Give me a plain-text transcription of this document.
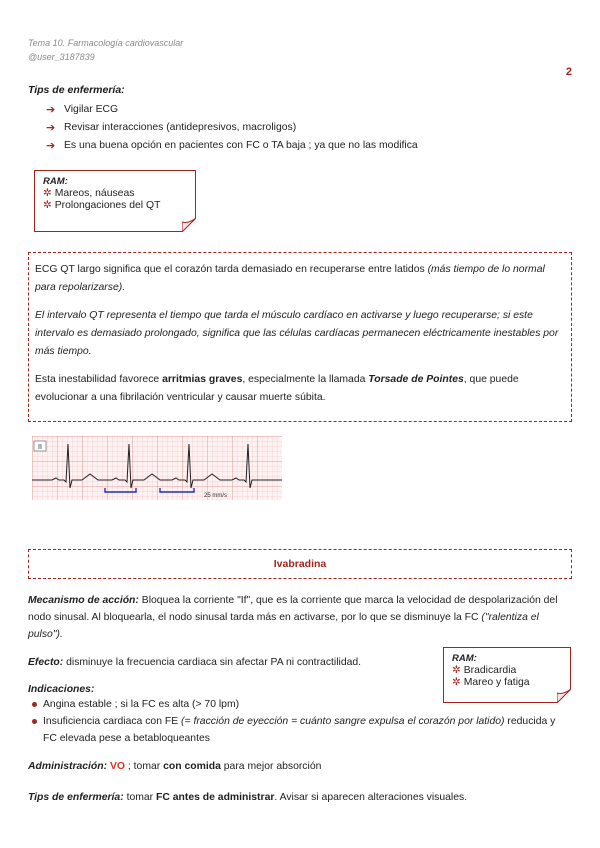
Tema 10. Farmacología cardiovascular
@user_3187839
2
Tips de enfermería:
➔ Vigilar ECG
➔ Revisar interacciones (antidepresivos, macroligos)
➔ Es una buena opción en pacientes con FC o TA baja ; ya que no las modifica
RAM:
✲ Mareos, náuseas
✲ Prolongaciones del QT

ECG QT largo significa que el corazón tarda demasiado en recuperarse entre latidos (más tiempo de lo normal para repolarizarse).

El intervalo QT representa el tiempo que tarda el músculo cardíaco en activarse y luego recuperarse; si este intervalo es demasiado prolongado, significa que las células cardíacas permanecen eléctricamente inestables por más tiempo.

Esta inestabilidad favorece arritmias graves, especialmente la llamada Torsade de Pointes, que puede evolucionar a una fibrilación ventricular y causar muerte súbita.

II
25 mm/s
Ivabradina
Mecanismo de acción: Bloquea la corriente "If", que es la corriente que marca la velocidad de despolarización del nodo sinusal. Al bloquearla, el nodo sinusal tarda más en activarse, por lo que se disminuye la FC ("ralentiza el pulso").
Efecto: disminuye la frecuencia cardiaca sin afectar PA ni contractilidad.	RAM:
✲ Bradicardia
✲ Mareo y fatiga
Indicaciones:
Angina estable ; si la FC es alta (> 70 lpm)
Insuficiencia cardiaca con FE (= fracción de eyección = cuánto sangre expulsa el corazón por latido) reducida y FC elevada pese a betabloqueantes
Administración: VO ; tomar con comida para mejor absorción
Tips de enfermería: tomar FC antes de administrar. Avisar si aparecen alteraciones visuales.
